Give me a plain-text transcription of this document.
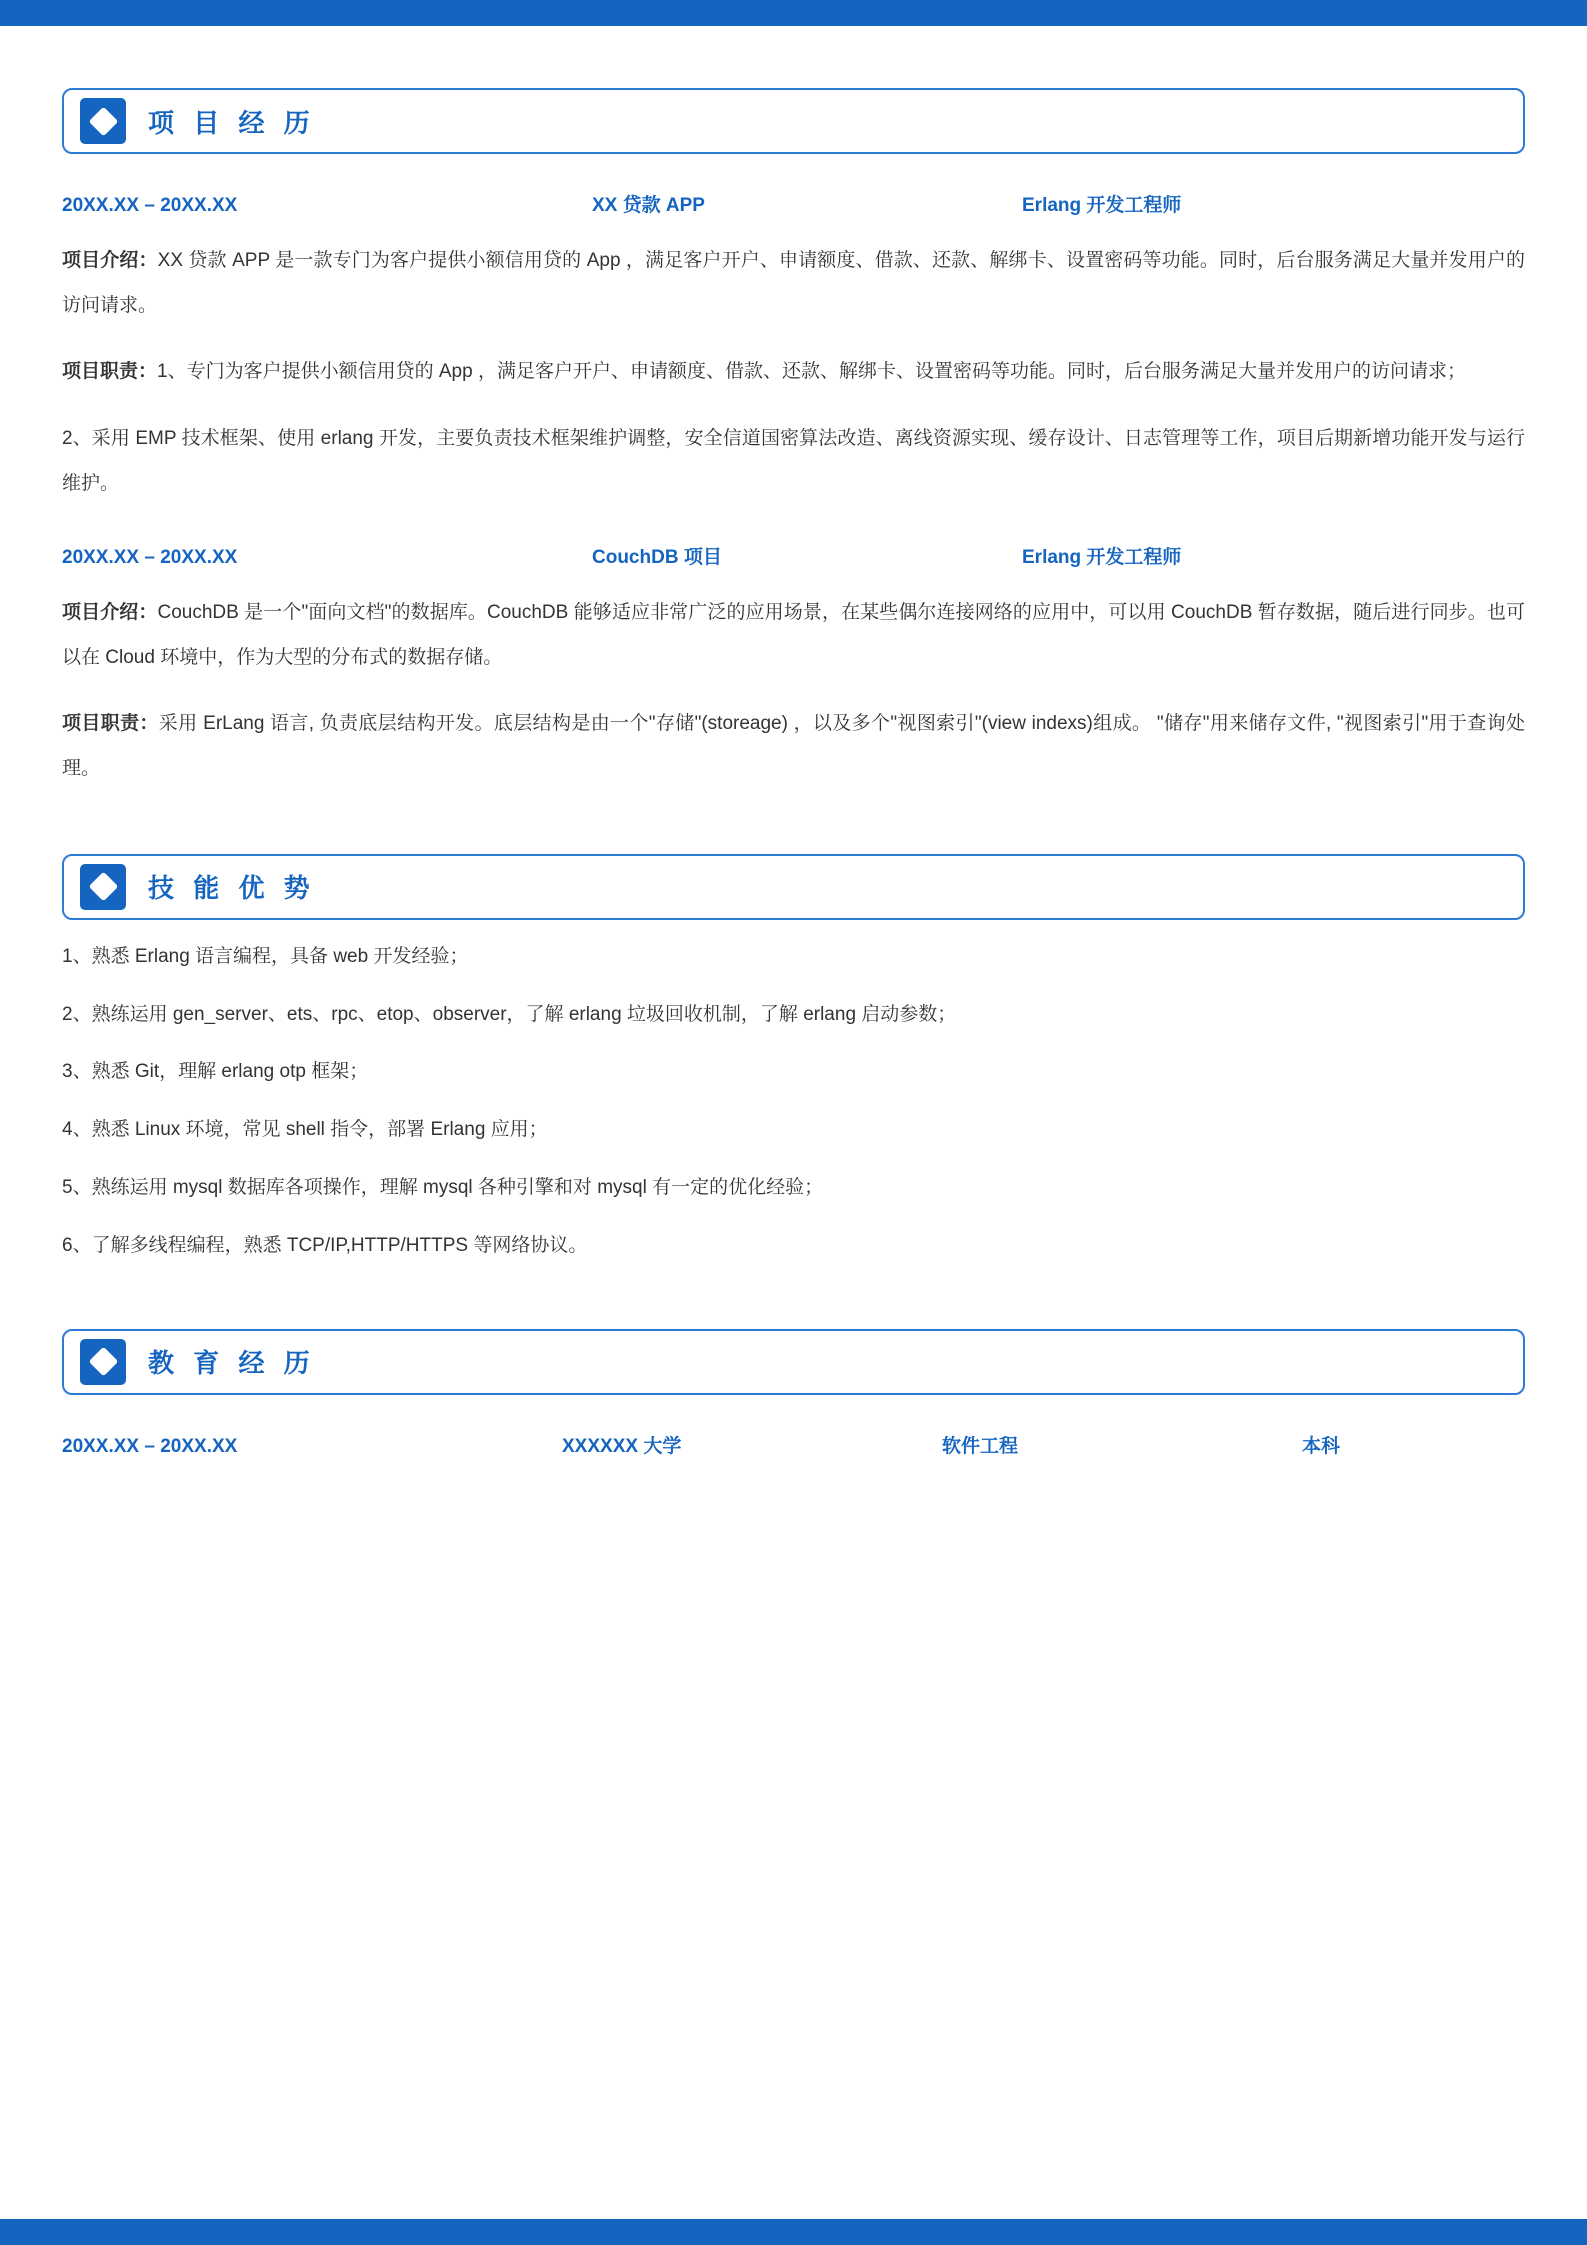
项 目 经 历
20XX.XX – 20XX.XX	XX 贷款 APP	Erlang 开发工程师
项目介绍：XX 贷款 APP 是一款专门为客户提供小额信用贷的 App ，满足客户开户、申请额度、借款、还款、解绑卡、设置密码等功能。同时，后台服务满足大量并发用户的访问请求。
项目职责：1、专门为客户提供小额信用贷的 App ，满足客户开户、申请额度、借款、还款、解绑卡、设置密码等功能。同时，后台服务满足大量并发用户的访问请求；
2、采用 EMP 技术框架、使用 erlang 开发，主要负责技术框架维护调整，安全信道国密算法改造、离线资源实现、缓存设计、日志管理等工作，项目后期新增功能开发与运行维护。
20XX.XX – 20XX.XX	CouchDB 项目	Erlang 开发工程师
项目介绍：CouchDB 是一个"面向文档"的数据库。CouchDB 能够适应非常广泛的应用场景，在某些偶尔连接网络的应用中，可以用 CouchDB 暂存数据，随后进行同步。也可以在 Cloud 环境中，作为大型的分布式的数据存储。
项目职责：采用 ErLang 语言, 负责底层结构开发。底层结构是由一个"存储"(storeage) ，以及多个"视图索引"(view indexs)组成。 "储存"用来储存文件, "视图索引"用于查询处理。
技 能 优 势
1、熟悉 Erlang 语言编程，具备 web 开发经验；
2、熟练运用 gen_server、ets、rpc、etop、observer，了解 erlang 垃圾回收机制，了解 erlang 启动参数；
3、熟悉 Git，理解 erlang otp 框架；
4、熟悉 Linux 环境，常见 shell 指令，部署 Erlang 应用；
5、熟练运用 mysql 数据库各项操作，理解 mysql 各种引擎和对 mysql 有一定的优化经验；
6、了解多线程编程，熟悉 TCP/IP,HTTP/HTTPS 等网络协议。
教 育 经 历
20XX.XX – 20XX.XX	XXXXXX 大学	软件工程	本科
